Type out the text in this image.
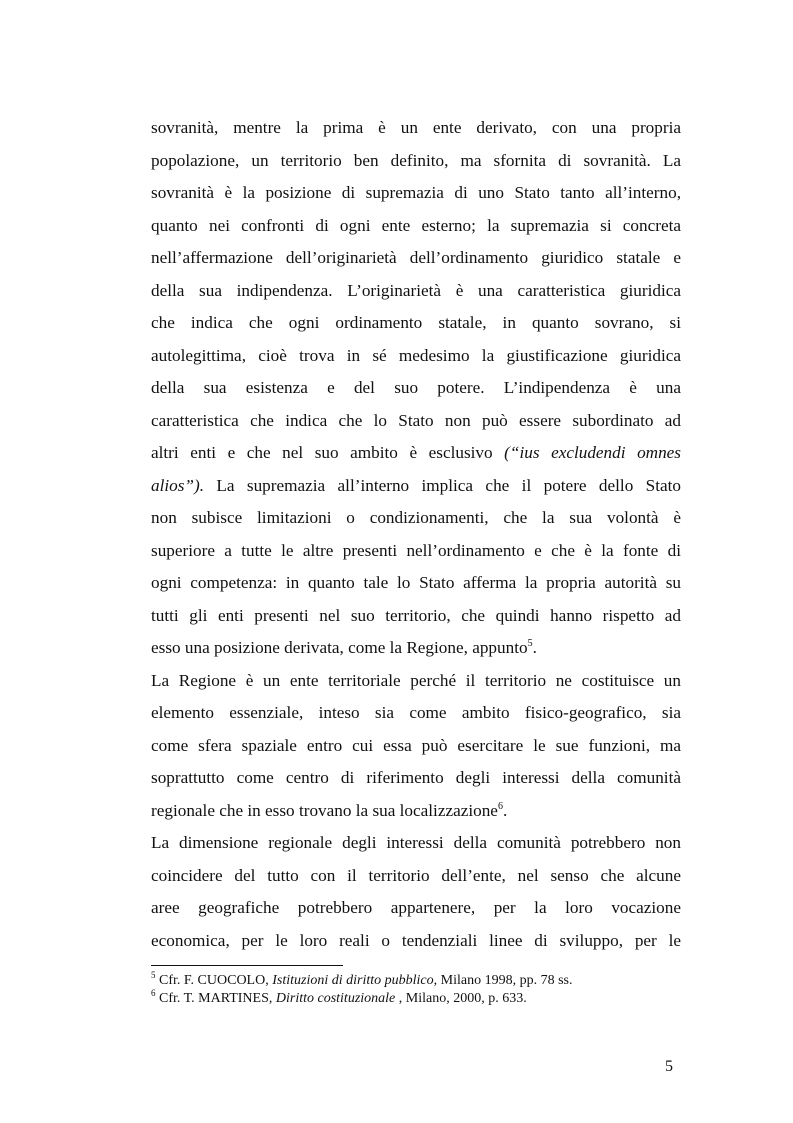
sovranità, mentre la prima è un ente derivato, con una propria
popolazione, un territorio ben definito, ma sfornita di sovranità. La
sovranità è la posizione di supremazia di uno Stato tanto all’interno,
quanto nei confronti di ogni ente esterno; la supremazia si concreta
nell’affermazione dell’originarietà dell’ordinamento giuridico statale e
della sua indipendenza. L’originarietà è una caratteristica giuridica
che indica che ogni ordinamento statale, in quanto sovrano, si
autolegittima, cioè trova in sé medesimo la giustificazione giuridica
della sua esistenza e del suo potere. L’indipendenza è una
caratteristica che indica che lo Stato non può essere subordinato ad
altri enti e che nel suo ambito è esclusivo (“ius excludendi omnes
alios”). La supremazia all’interno implica che il potere dello Stato
non subisce limitazioni o condizionamenti, che la sua volontà è
superiore a tutte le altre presenti nell’ordinamento e che è la fonte di
ogni competenza: in quanto tale lo Stato afferma la propria autorità su
tutti gli enti presenti nel suo territorio, che quindi hanno rispetto ad
esso una posizione derivata, come la Regione, appunto$^5$.
La Regione è un ente territoriale perché il territorio ne costituisce un
elemento essenziale, inteso sia come ambito fisico-geografico, sia
come sfera spaziale entro cui essa può esercitare le sue funzioni, ma
soprattutto come centro di riferimento degli interessi della comunità
regionale che in esso trovano la sua localizzazione$^6$.
La dimensione regionale degli interessi della comunità potrebbero non
coincidere del tutto con il territorio dell’ente, nel senso che alcune
aree geografiche potrebbero appartenere, per la loro vocazione
economica, per le loro reali o tendenziali linee di sviluppo, per le
$^5$ Cfr. F. CUOCOLO, Istituzioni di diritto pubblico, Milano 1998, pp. 78 ss.
$^6$ Cfr. T. MARTINES, Diritto costituzionale , Milano, 2000, p. 633.
5
